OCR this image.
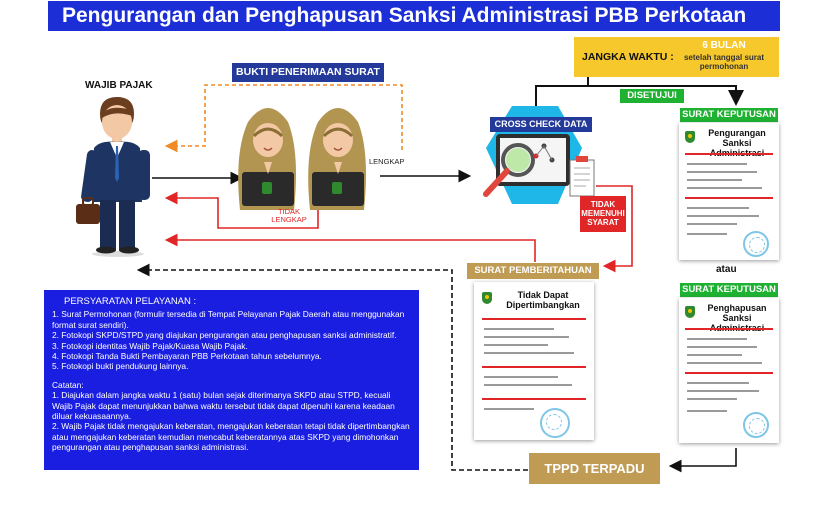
Pengurangan dan Penghapusan Sanksi Administrasi PBB Perkotaan
WAJIB PAJAK
BUKTI PENERIMAAN SURAT
LENGKAP
TIDAK LENGKAP
CROSS CHECK DATA
TIDAK MEMENUHI SYARAT
JANGKA WAKTU :
6 BULAN
setelah tanggal surat permohonan
DISETUJUI
SURAT KEPUTUSAN
Pengurangan Sanksi
atau
SURAT KEPUTUSAN
Penghapusan Sanksi
SURAT PEMBERITAHUAN
Tidak Dapat Dipertimbangkan
TPPD TERPADU

PERSYARATAN PELAYANAN :

1. Surat Permohonan (formulir tersedia di Tempat Pelayanan Pajak Daerah atau menggunakan format surat sendiri).

2. Fotokopi SKPD/STPD yang diajukan pengurangan atau penghapusan sanksi administratif.

3. Fotokopi identitas Wajib Pajak/Kuasa Wajib Pajak.

4. Fotokopi Tanda Bukti Pembayaran PBB Perkotaan tahun sebelumnya.

5. Fotokopi bukti pendukung lainnya.

Catatan:

1. Diajukan dalam jangka waktu 1 (satu) bulan sejak diterimanya SKPD atau STPD, kecuali Wajib Pajak dapat menunjukkan bahwa waktu tersebut tidak dapat dipenuhi karena keadaan diluar kekuasaannya.

2. Wajib Pajak tidak mengajukan keberatan, mengajukan keberatan tetapi tidak dipertimbangkan atau mengajukan keberatan kemudian mencabut keberatannya atas SKPD yang dimohonkan pengurangan atau penghapusan sanksi administrasi.
